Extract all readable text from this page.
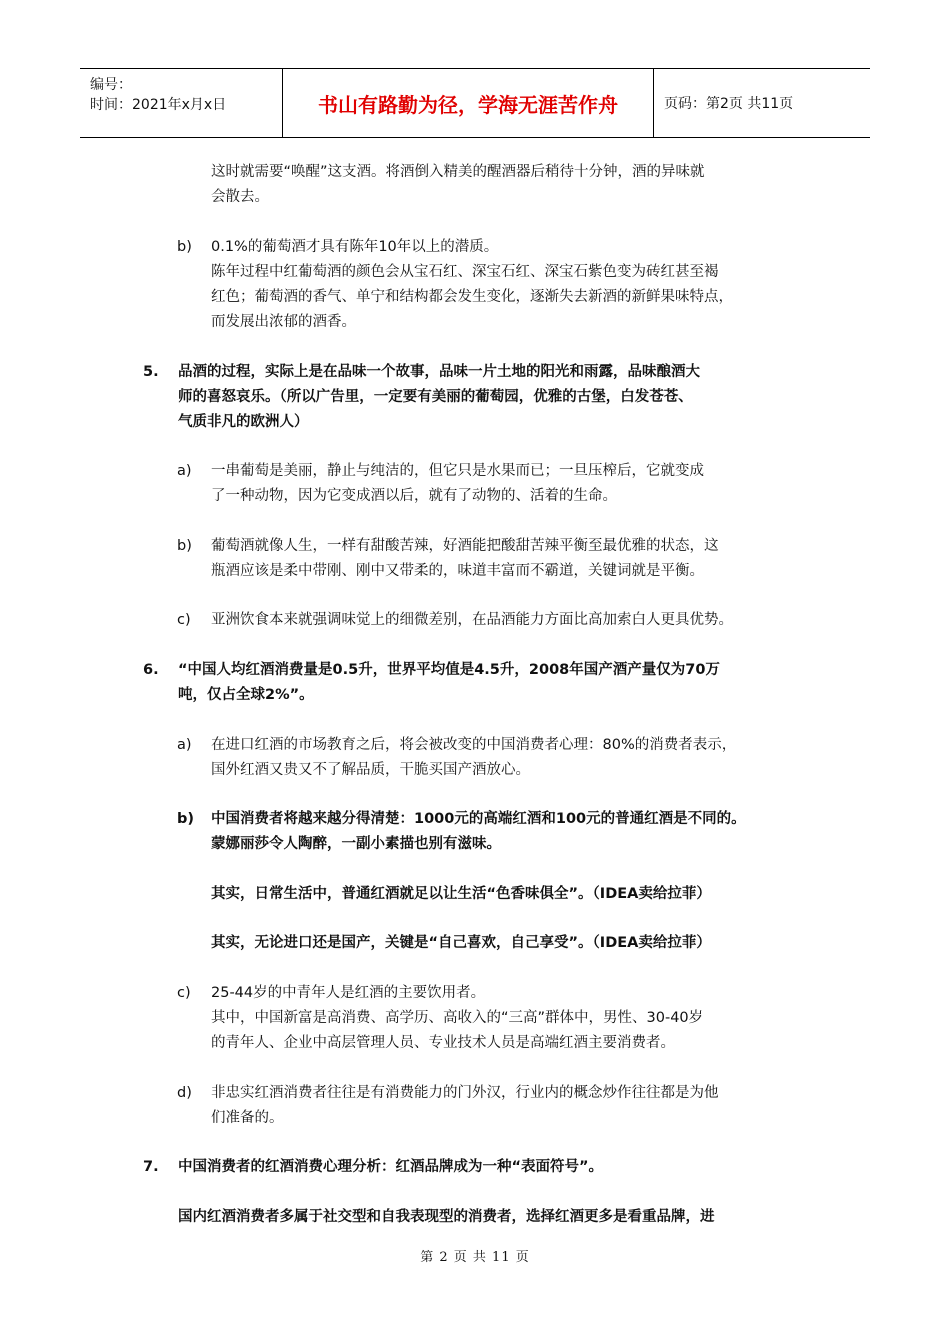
编号：
时间：2021年x月x日	书山有路勤为径，学海无涯苦作舟	页码：第2页 共11页
这时就需要“唤醒”这支酒。将酒倒入精美的醒酒器后稍待十分钟，酒的异味就
会散去。
b) 0.1%的葡萄酒才具有陈年10年以上的潜质。
陈年过程中红葡萄酒的颜色会从宝石红、深宝石红、深宝石紫色变为砖红甚至褐
红色；葡萄酒的香气、单宁和结构都会发生变化，逐渐失去新酒的新鲜果味特点，
而发展出浓郁的酒香。
5. 品酒的过程，实际上是在品味一个故事，品味一片土地的阳光和雨露，品味酿酒大
师的喜怒哀乐。（所以广告里，一定要有美丽的葡萄园，优雅的古堡，白发苍苍、
气质非凡的欧洲人）
a) 一串葡萄是美丽，静止与纯洁的，但它只是水果而已；一旦压榨后，它就变成
了一种动物，因为它变成酒以后，就有了动物的、活着的生命。
b) 葡萄酒就像人生，一样有甜酸苦辣，好酒能把酸甜苦辣平衡至最优雅的状态，这
瓶酒应该是柔中带刚、刚中又带柔的，味道丰富而不霸道，关键词就是平衡。
c) 亚洲饮食本来就强调味觉上的细微差别，在品酒能力方面比高加索白人更具优势。
6. “中国人均红酒消费量是0.5升，世界平均值是4.5升，2008年国产酒产量仅为70万
吨，仅占全球2%”。
a) 在进口红酒的市场教育之后，将会被改变的中国消费者心理：80%的消费者表示，
国外红酒又贵又不了解品质，干脆买国产酒放心。
b) 中国消费者将越来越分得清楚：1000元的高端红酒和100元的普通红酒是不同的。
蒙娜丽莎令人陶醉，一副小素描也别有滋味。
其实，日常生活中，普通红酒就足以让生活“色香味俱全”。（IDEA卖给拉菲）
其实，无论进口还是国产，关键是“自己喜欢，自己享受”。（IDEA卖给拉菲）
c) 25-44岁的中青年人是红酒的主要饮用者。
其中，中国新富是高消费、高学历、高收入的“三高”群体中，男性、30-40岁
的青年人、企业中高层管理人员、专业技术人员是高端红酒主要消费者。
d) 非忠实红酒消费者往往是有消费能力的门外汉，行业内的概念炒作往往都是为他
们准备的。
7. 中国消费者的红酒消费心理分析：红酒品牌成为一种“表面符号”。
国内红酒消费者多属于社交型和自我表现型的消费者，选择红酒更多是看重品牌，进
第 2 页 共 11 页
